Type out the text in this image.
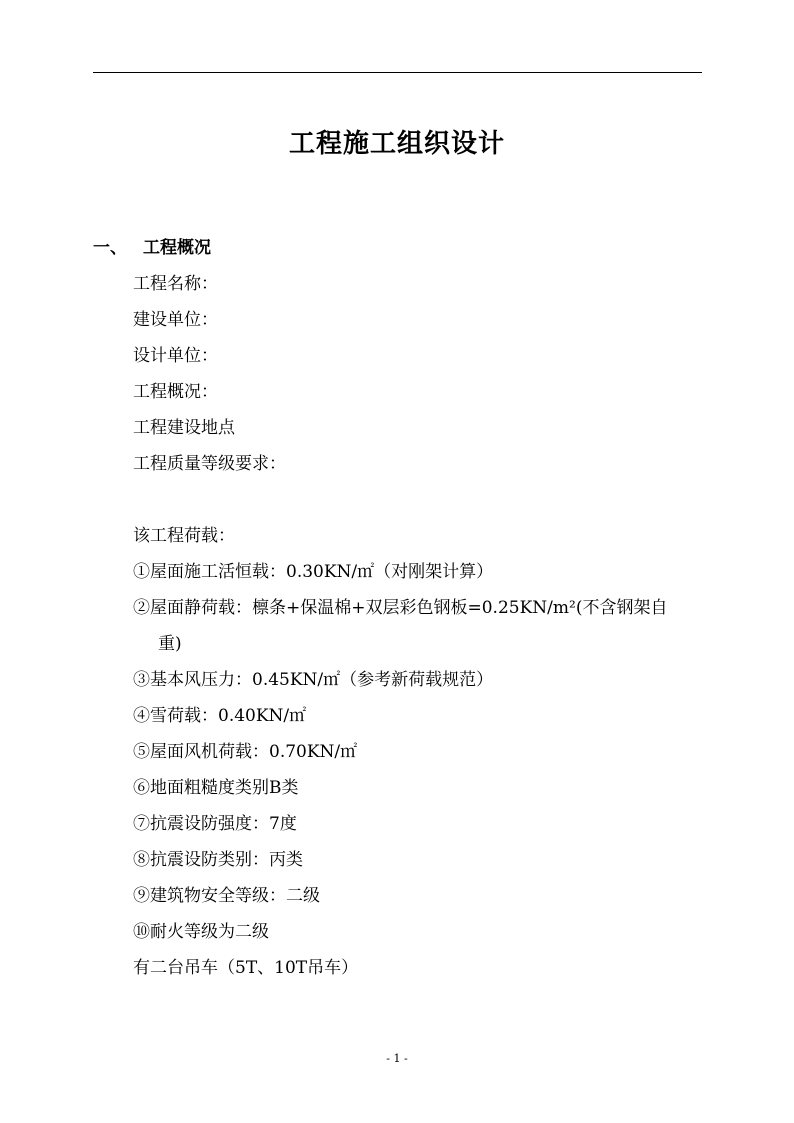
工程施工组织设计
一、 工程概况
工程名称：
建设单位：
设计单位：
工程概况：
工程建设地点
工程质量等级要求：
该工程荷载：
①屋面施工活恒载：0.30KN/㎡（对刚架计算）
②屋面静荷载：檩条+保温棉+双层彩色钢板=0.25KN/m²(不含钢架自
重)
③基本风压力：0.45KN/㎡（参考新荷载规范）
④雪荷载：0.40KN/㎡
⑤屋面风机荷载：0.70KN/㎡
⑥地面粗糙度类别B类
⑦抗震设防强度：7度
⑧抗震设防类别：丙类
⑨建筑物安全等级：二级
⑩耐火等级为二级
有二台吊车（5T、10T吊车）
- 1 -
